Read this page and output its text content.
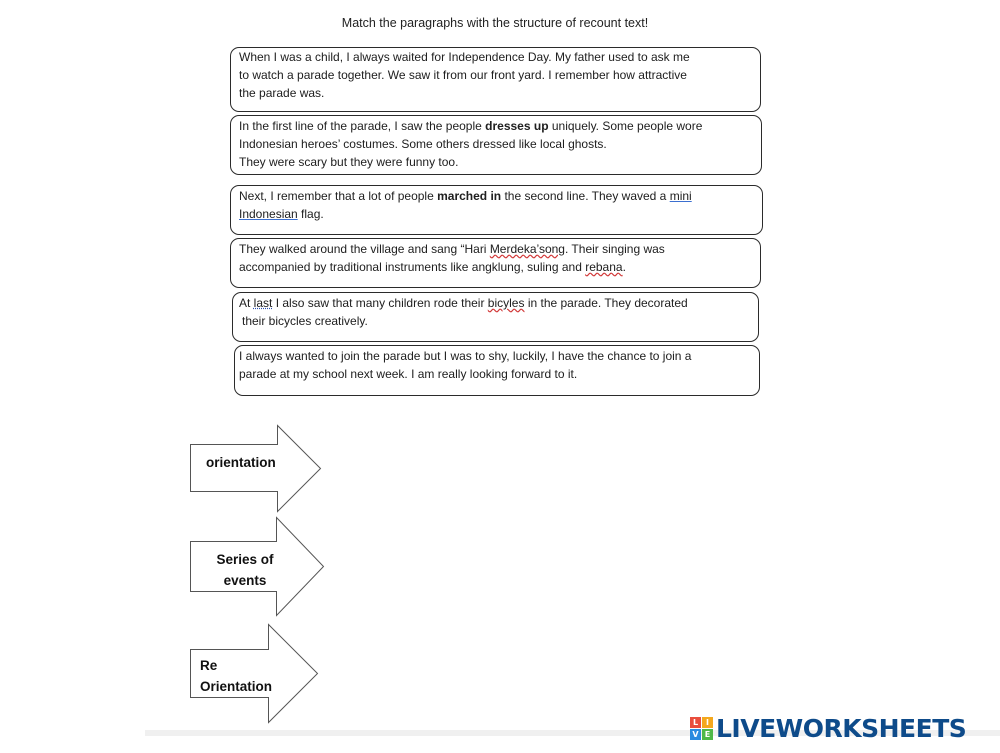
Match the paragraphs with the structure of recount text!
When I was a child, I always waited for Independence Day. My father used to ask me
to watch a parade together. We saw it from our front yard. I remember how attractive
the parade was.
In the first line of the parade, I saw the people dresses up uniquely. Some people wore
Indonesian heroes’ costumes. Some others dressed like local ghosts.
They were scary but they were funny too.
Next, I remember that a lot of people marched in the second line. They waved a mini
Indonesian flag.
They walked around the village and sang “Hari Merdeka’song. Their singing was
accompanied by traditional instruments like angklung, suling and rebana.
At last I also saw that many children rode their bicyles in the parade. They decorated
their bicycles creatively.
I always wanted to join the parade but I was to shy, luckily, I have the chance to join a
parade at my school next week. I am really looking forward to it.
orientation
Series of
events
Re
Orientation
L I
V E LIVEWORKSHEETS
